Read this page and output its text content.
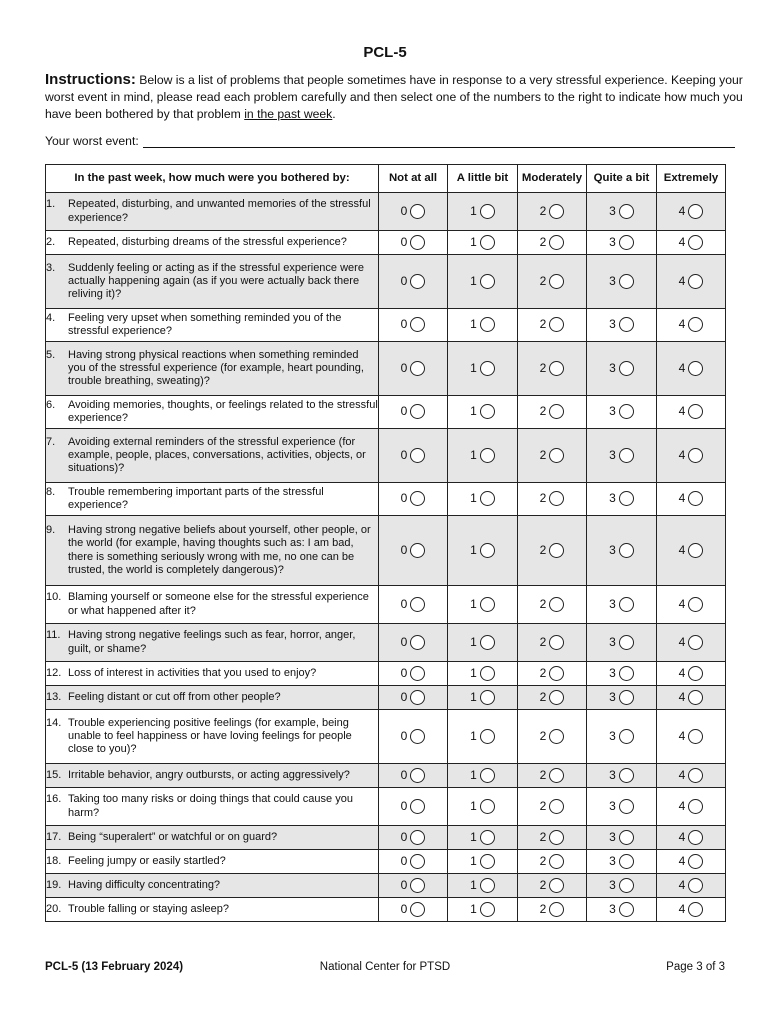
PCL-5
Instructions: Below is a list of problems that people sometimes have in response to a very stressful experience. Keeping your worst event in mind, please read each problem carefully and then select one of the numbers to the right to indicate how much you have been bothered by that problem in the past week.
Your worst event:
In the past week, how much were you bothered by:	Not at all	A little bit	Moderately	Quite a bit	Extremely

1. Repeated, disturbing, and unwanted memories of the stressful experience?	0	1	2	3	4

2. Repeated, disturbing dreams of the stressful experience?	0	1	2	3	4

3. Suddenly feeling or acting as if the stressful experience were actually happening again (as if you were actually back there reliving it)?	0	1	2	3	4

4. Feeling very upset when something reminded you of the stressful experience?	0	1	2	3	4

5. Having strong physical reactions when something reminded you of the stressful experience (for example, heart pounding, trouble breathing, sweating)?	0	1	2	3	4

6. Avoiding memories, thoughts, or feelings related to the stressful experience?	0	1	2	3	4

7. Avoiding external reminders of the stressful experience (for example, people, places, conversations, activities, objects, or situations)?	0	1	2	3	4

8. Trouble remembering important parts of the stressful experience?	0	1	2	3	4

9. Having strong negative beliefs about yourself, other people, or the world (for example, having thoughts such as: I am bad, there is something seriously wrong with me, no one can be trusted, the world is completely dangerous)?	0	1	2	3	4

10. Blaming yourself or someone else for the stressful experience or what happened after it?	0	1	2	3	4

11. Having strong negative feelings such as fear, horror, anger, guilt, or shame?	0	1	2	3	4

12. Loss of interest in activities that you used to enjoy?	0	1	2	3	4

13. Feeling distant or cut off from other people?	0	1	2	3	4

14. Trouble experiencing positive feelings (for example, being unable to feel happiness or have loving feelings for people close to you)?	0	1	2	3	4

15. Irritable behavior, angry outbursts, or acting aggressively?	0	1	2	3	4

16. Taking too many risks or doing things that could cause you harm?	0	1	2	3	4

17. Being “superalert” or watchful or on guard?	0	1	2	3	4

18. Feeling jumpy or easily startled?	0	1	2	3	4

19. Having difficulty concentrating?	0	1	2	3	4

20. Trouble falling or staying asleep?	0	1	2	3	4
PCL-5 (13 February 2024)	National Center for PTSD	Page 3 of 3
